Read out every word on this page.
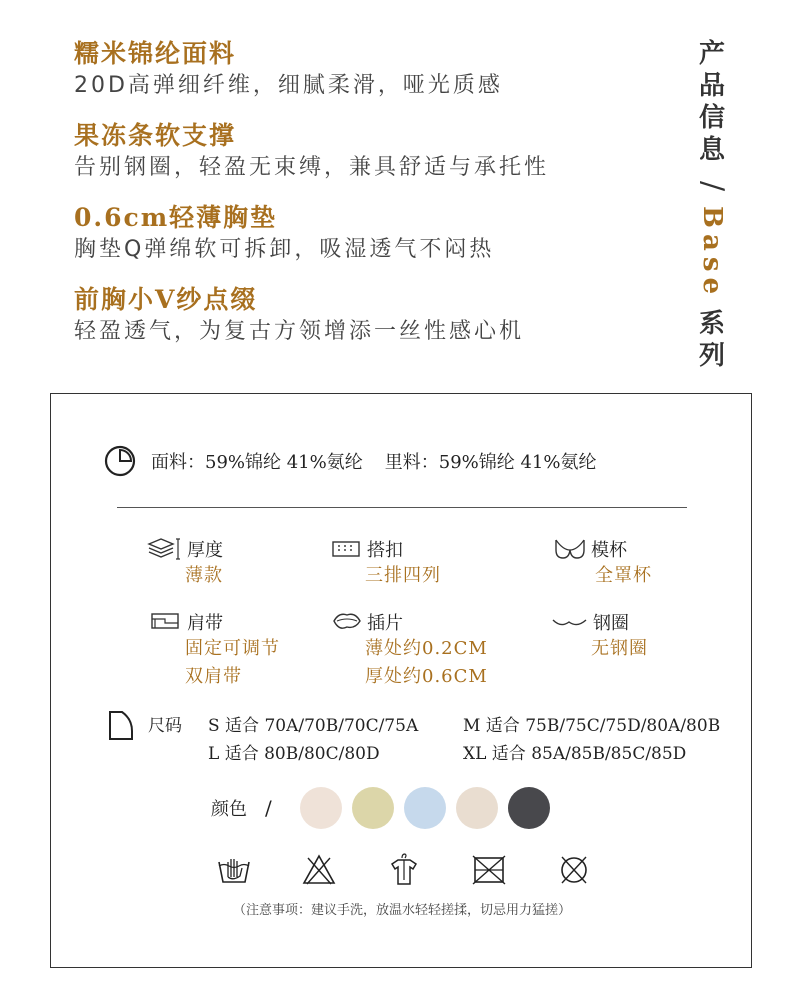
糯米锦纶面料
20D高弹细纤维，细腻柔滑，哑光质感
果冻条软支撑
告别钢圈，轻盈无束缚，兼具舒适与承托性
0.6cm轻薄胸垫
胸垫Q弹绵软可拆卸，吸湿透气不闷热
前胸小V纱点缀
轻盈透气，为复古方领增添一丝性感心机
产
品
信
息
/
Base
系
列
面料：59%锦纶 41%氨纶 里料：59%锦纶 41%氨纶
厚度
薄款
搭扣
三排四列
模杯
全罩杯
肩带
固定可调节
双肩带
插片
薄处约0.2CM
厚处约0.6CM
钢圈
无钢圈
尺码 S 适合 70A/70B/70C/75A	M 适合 75B/75C/75D/80A/80B
L 适合 80B/80C/80D	XL 适合 85A/85B/85C/85D
颜色 /
（注意事项：建议手洗，放温水轻轻搓揉，切忌用力猛搓）
